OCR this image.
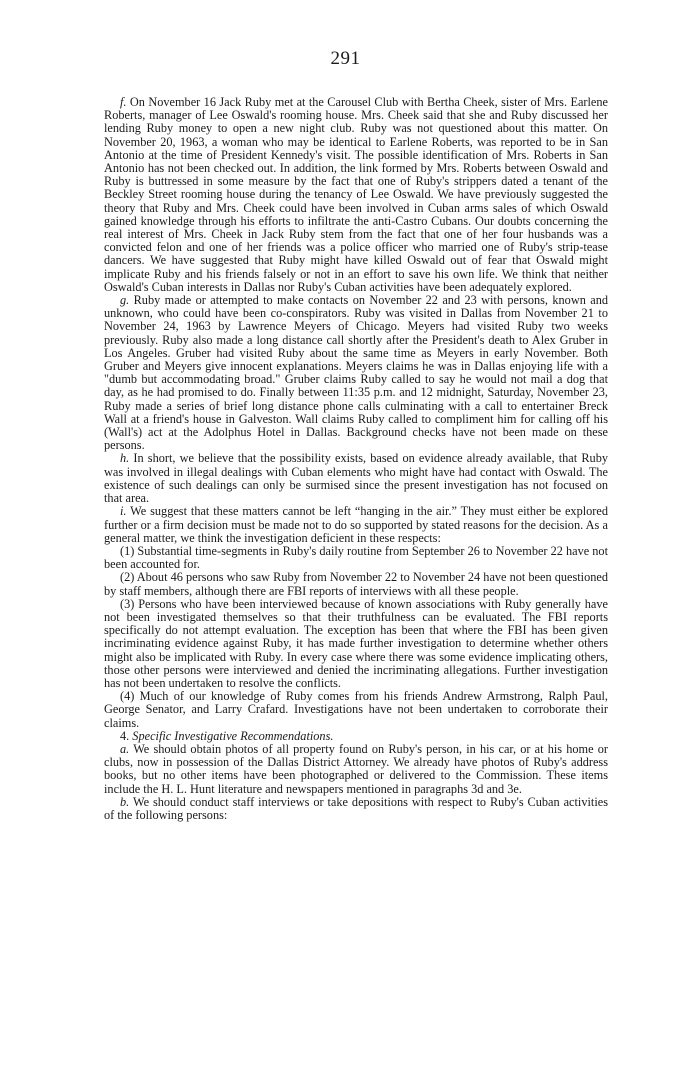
291

f. On November 16 Jack Ruby met at the Carousel Club with Bertha Cheek, sister of Mrs. Earlene Roberts, manager of Lee Oswald's rooming house. Mrs. Cheek said that she and Ruby discussed her lending Ruby money to open a new night club. Ruby was not questioned about this matter. On November 20, 1963, a woman who may be identical to Earlene Roberts, was reported to be in San Antonio at the time of President Kennedy's visit. The possible identification of Mrs. Roberts in San Antonio has not been checked out. In addition, the link formed by Mrs. Roberts between Oswald and Ruby is buttressed in some measure by the fact that one of Ruby's strippers dated a tenant of the Beckley Street rooming house during the tenancy of Lee Oswald. We have previously suggested the theory that Ruby and Mrs. Cheek could have been involved in Cuban arms sales of which Oswald gained knowledge through his efforts to infiltrate the anti-Castro Cubans. Our doubts concerning the real interest of Mrs. Cheek in Jack Ruby stem from the fact that one of her four husbands was a convicted felon and one of her friends was a police officer who married one of Ruby's strip-tease dancers. We have suggested that Ruby might have killed Oswald out of fear that Oswald might implicate Ruby and his friends falsely or not in an effort to save his own life. We think that neither Oswald's Cuban interests in Dallas nor Ruby's Cuban activities have been adequately explored.

g. Ruby made or attempted to make contacts on November 22 and 23 with persons, known and unknown, who could have been co-conspirators. Ruby was visited in Dallas from November 21 to November 24, 1963 by Lawrence Meyers of Chicago. Meyers had visited Ruby two weeks previously. Ruby also made a long distance call shortly after the President's death to Alex Gruber in Los Angeles. Gruber had visited Ruby about the same time as Meyers in early November. Both Gruber and Meyers give innocent explanations. Meyers claims he was in Dallas enjoying life with a "dumb but accommodating broad." Gruber claims Ruby called to say he would not mail a dog that day, as he had promised to do. Finally between 11:35 p.m. and 12 midnight, Saturday, November 23, Ruby made a series of brief long distance phone calls culminating with a call to entertainer Breck Wall at a friend's house in Galveston. Wall claims Ruby called to compliment him for calling off his (Wall's) act at the Adolphus Hotel in Dallas. Background checks have not been made on these persons.

h. In short, we believe that the possibility exists, based on evidence already available, that Ruby was involved in illegal dealings with Cuban elements who might have had contact with Oswald. The existence of such dealings can only be surmised since the present investigation has not focused on that area.

i. We suggest that these matters cannot be left “hanging in the air.” They must either be explored further or a firm decision must be made not to do so supported by stated reasons for the decision. As a general matter, we think the investigation deficient in these respects:

(1) Substantial time-segments in Ruby's daily routine from September 26 to November 22 have not been accounted for.

(2) About 46 persons who saw Ruby from November 22 to November 24 have not been questioned by staff members, although there are FBI reports of interviews with all these people.

(3) Persons who have been interviewed because of known associations with Ruby generally have not been investigated themselves so that their truthfulness can be evaluated. The FBI reports specifically do not attempt evaluation. The exception has been that where the FBI has been given incriminating evidence against Ruby, it has made further investigation to determine whether others might also be implicated with Ruby. In every case where there was some evidence implicating others, those other persons were interviewed and denied the incriminating allegations. Further investigation has not been undertaken to resolve the conflicts.

(4) Much of our knowledge of Ruby comes from his friends Andrew Armstrong, Ralph Paul, George Senator, and Larry Crafard. Investigations have not been undertaken to corroborate their claims.

4. Specific Investigative Recommendations.

a. We should obtain photos of all property found on Ruby's person, in his car, or at his home or clubs, now in possession of the Dallas District Attorney. We already have photos of Ruby's address books, but no other items have been photographed or delivered to the Commission. These items include the H. L. Hunt literature and newspapers mentioned in paragraphs 3d and 3e.

b. We should conduct staff interviews or take depositions with respect to Ruby's Cuban activities of the following persons:
